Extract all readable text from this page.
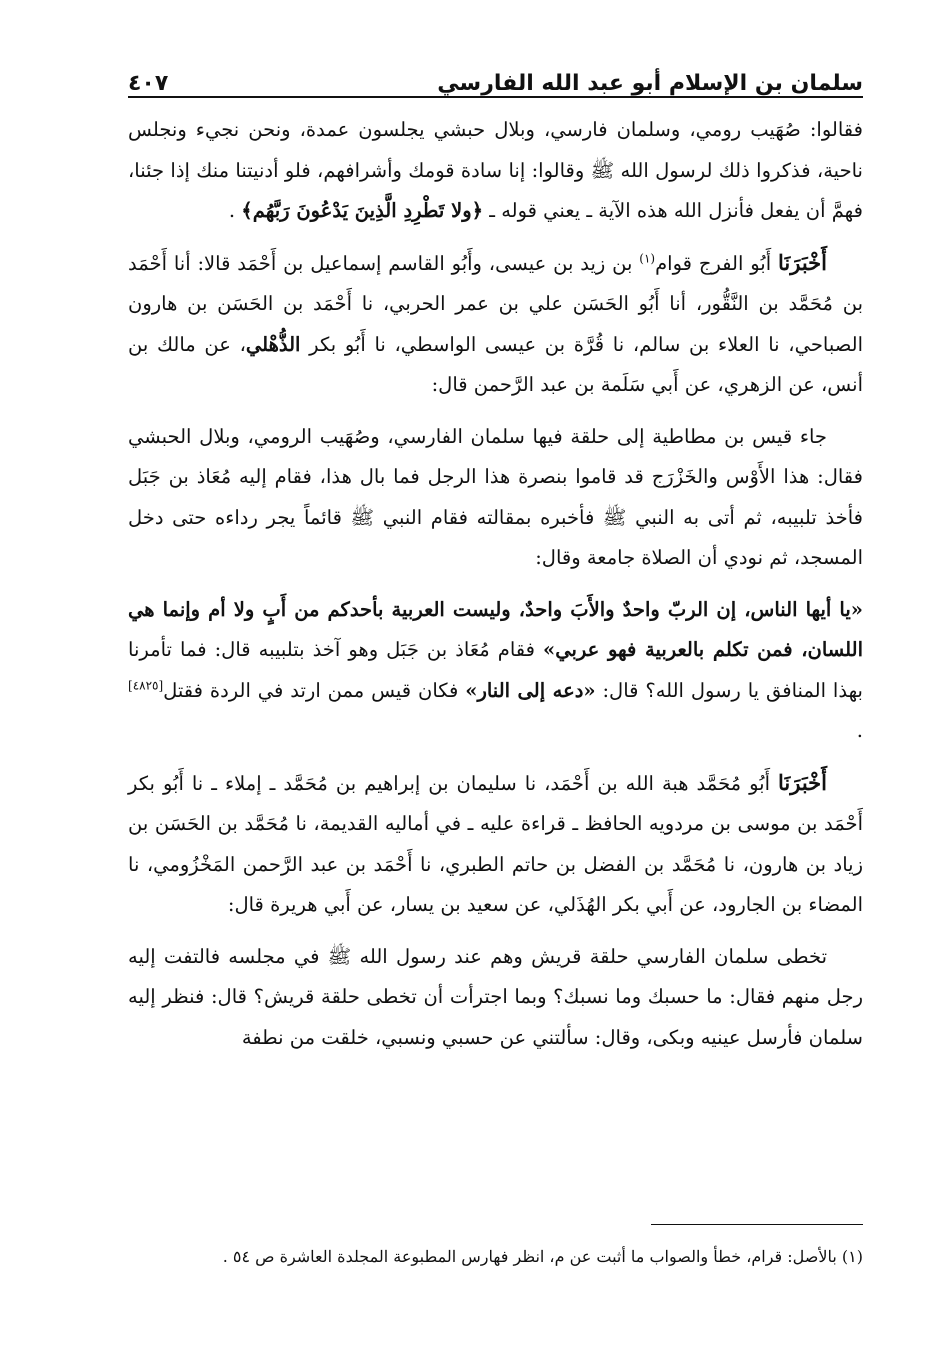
سلمان بن الإسلام أبو عبد الله الفارسي
٤٠٧

فقالوا: صُهَيب رومي، وسلمان فارسي، وبلال حبشي يجلسون عمدة، ونحن نجيء ونجلس ناحية، فذكروا ذلك لرسول الله ﷺ وقالوا: إنا سادة قومك وأشرافهم، فلو أدنيتنا منك إذا جئنا، فهمَّ أن يفعل فأنزل الله هذه الآية ـ يعني قوله ـ ﴿ولا تَطْرِدِ الَّذِينَ يَدْعُونَ رَبَّهُم﴾ .

أَخْبَرَنَا أَبُو الفرج قوام$^{(١)}$ بن زيد بن عيسى، وأَبُو القاسم إسماعيل بن أَحْمَد قالا: أنا أَحْمَد بن مُحَمَّد بن النَّقُّور، أنا أَبُو الحَسَن علي بن عمر الحربي، نا أَحْمَد بن الحَسَن بن هارون الصباحي، نا العلاء بن سالم، نا قُرَّة بن عيسى الواسطي، نا أَبُو بكر الذُّهْلي، عن مالك بن أنس، عن الزهري، عن أَبي سَلَمة بن عبد الرَّحمن قال:

جاء قيس بن مطاطية إلى حلقة فيها سلمان الفارسي، وصُهَيب الرومي، وبلال الحبشي فقال: هذا الأَوْس والخَزْرَج قد قاموا بنصرة هذا الرجل فما بال هذا، فقام إليه مُعَاذ بن جَبَل فأخذ تلبيبه، ثم أتى به النبي ﷺ فأخبره بمقالته فقام النبي ﷺ قائماً يجر رداءه حتى دخل المسجد، ثم نودي أن الصلاة جامعة وقال:

«يا أيها الناس، إن الربّ واحدٌ والأَبَ واحدٌ، وليست العربية بأحدكم من أَبٍ ولا أم وإنما هي اللسان، فمن تكلم بالعربية فهو عربي» فقام مُعَاذ بن جَبَل وهو آخذ بتلبيبه قال: فما تأمرنا بهذا المنافق يا رسول الله؟ قال: «دعه إلى النار» فكان قيس ممن ارتد في الردة فقتل[٤٨٢٥] .

أَخْبَرَنَا أَبُو مُحَمَّد هبة الله بن أَحْمَد، نا سليمان بن إبراهيم بن مُحَمَّد ـ إملاء ـ نا أَبُو بكر أَحْمَد بن موسى بن مردويه الحافظ ـ قراءة عليه ـ في أماليه القديمة، نا مُحَمَّد بن الحَسَن بن زياد بن هارون، نا مُحَمَّد بن الفضل بن حاتم الطبري، نا أَحْمَد بن عبد الرَّحمن المَخْزُومي، نا المضاء بن الجارود، عن أَبي بكر الهُذَلي، عن سعيد بن يسار، عن أَبي هريرة قال:

تخطى سلمان الفارسي حلقة قريش وهم عند رسول الله ﷺ في مجلسه فالتفت إليه رجل منهم فقال: ما حسبك وما نسبك؟ وبما اجترأت أن تخطى حلقة قريش؟ قال: فنظر إليه سلمان فأرسل عينيه وبكى، وقال: سألتني عن حسبي ونسبي، خلقت من نطفة

(١) بالأصل: قرام، خطأ والصواب ما أثبت عن م، انظر فهارس المطبوعة المجلدة العاشرة ص ٥٤ .
